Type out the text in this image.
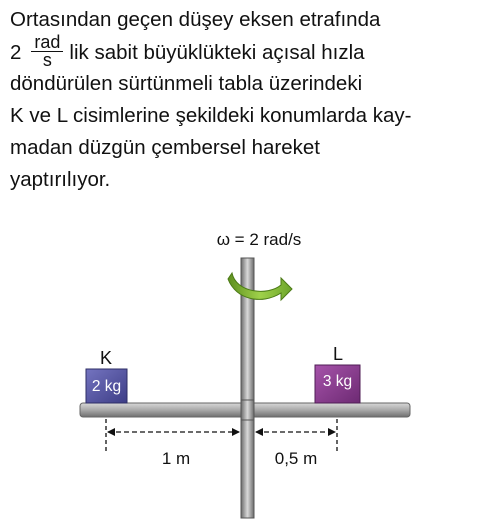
Ortasından geçen düşey eksen etrafında
$2 \frac{\text{rad}}{s}$ lik sabit büyüklükteki açısal hızla
döndürülen sürtünmeli tabla üzerindeki
K ve L cisimlerine şekildeki konumlarda kay-
madan düzgün çembersel hareket
yaptırılıyor.
ω = 2 rad/s
K
2 kg
L
3 kg
1 m	0,5 m
